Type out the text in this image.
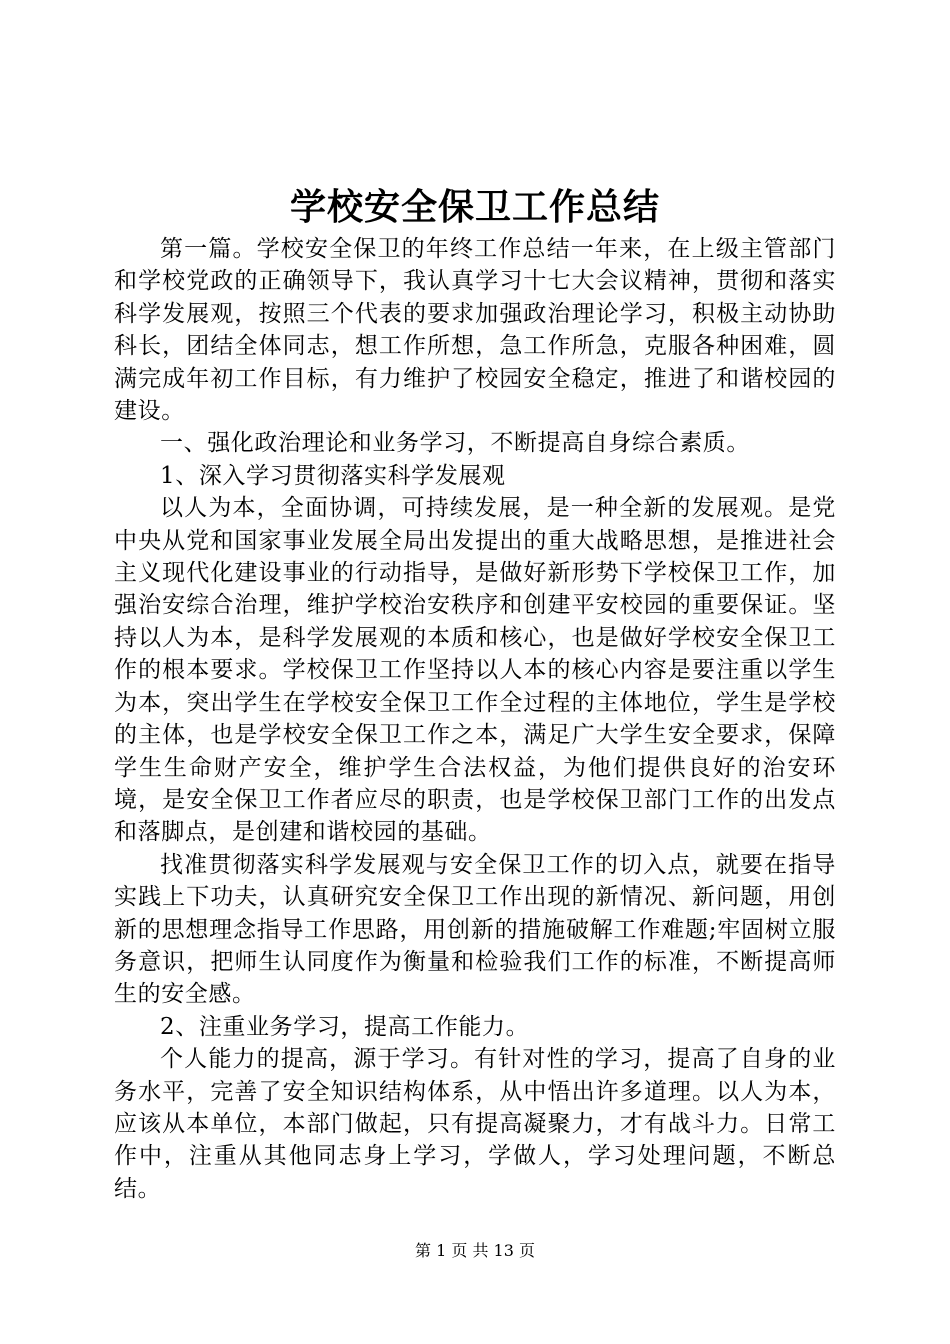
学校安全保卫工作总结

第一篇。学校安全保卫的年终工作总结一年来，在上级主管部门和学校党政的正确领导下，我认真学习十七大会议精神，贯彻和落实科学发展观，按照三个代表的要求加强政治理论学习，积极主动协助科长，团结全体同志，想工作所想，急工作所急，克服各种困难，圆满完成年初工作目标，有力维护了校园安全稳定，推进了和谐校园的建设。

一、强化政治理论和业务学习，不断提高自身综合素质。

1、深入学习贯彻落实科学发展观

以人为本，全面协调，可持续发展，是一种全新的发展观。是党中央从党和国家事业发展全局出发提出的重大战略思想，是推进社会主义现代化建设事业的行动指导，是做好新形势下学校保卫工作，加强治安综合治理，维护学校治安秩序和创建平安校园的重要保证。坚持以人为本，是科学发展观的本质和核心，也是做好学校安全保卫工作的根本要求。学校保卫工作坚持以人本的核心内容是要注重以学生为本，突出学生在学校安全保卫工作全过程的主体地位，学生是学校的主体，也是学校安全保卫工作之本，满足广大学生安全要求，保障学生生命财产安全，维护学生合法权益，为他们提供良好的治安环境，是安全保卫工作者应尽的职责，也是学校保卫部门工作的出发点和落脚点，是创建和谐校园的基础。

找准贯彻落实科学发展观与安全保卫工作的切入点，就要在指导实践上下功夫，认真研究安全保卫工作出现的新情况、新问题，用创新的思想理念指导工作思路，用创新的措施破解工作难题;牢固树立服务意识，把师生认同度作为衡量和检验我们工作的标准，不断提高师生的安全感。

2、注重业务学习，提高工作能力。

个人能力的提高，源于学习。有针对性的学习，提高了自身的业务水平，完善了安全知识结构体系，从中悟出许多道理。以人为本，应该从本单位，本部门做起，只有提高凝聚力，才有战斗力。日常工作中，注重从其他同志身上学习，学做人，学习处理问题，不断总结。

第 1 页 共 13 页
